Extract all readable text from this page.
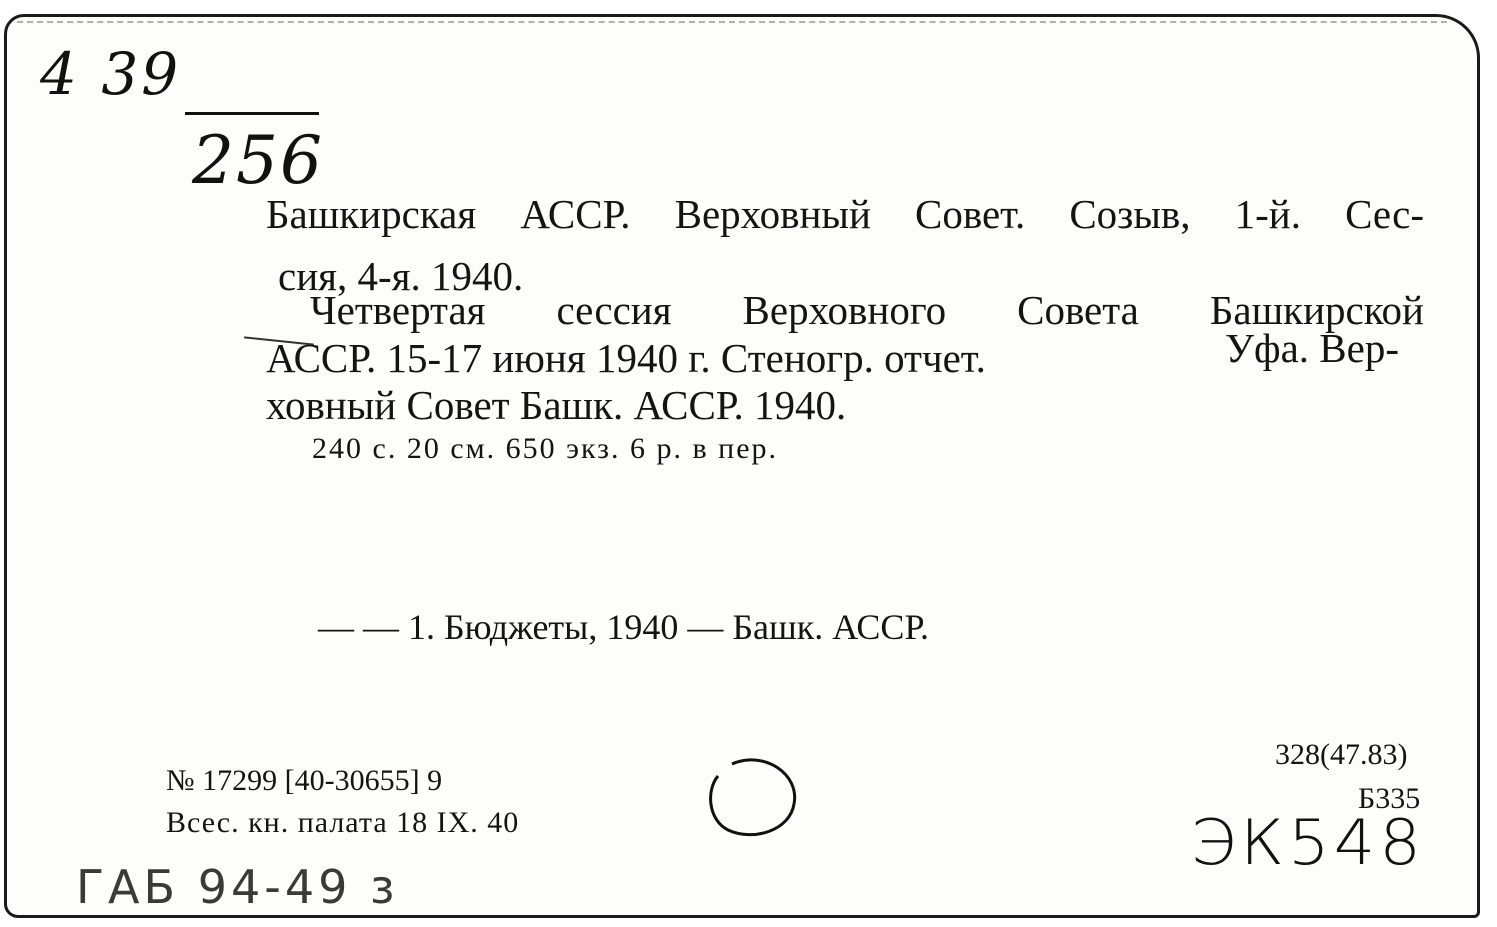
4 39
256
Башкирская АССР. Верховный Совет. Созыв, 1-й. Сес-
сия, 4-я. 1940.
Четвертая сессия Верховного Совета Башкирской
АССР. 15-17 июня 1940 г. Стеногр. отчет.	Уфа. Вер-
ховный Совет Башк. АССР. 1940.
240 с. 20 см. 650 экз. 6 р. в пер.
— — 1. Бюджеты, 1940 — Башк. АССР.
№ 17299 [40-30655] 9
Всес. кн. палата 18 IX. 40
328(47.83)
Б335
ЭК548
ГАБ 94-49 з
